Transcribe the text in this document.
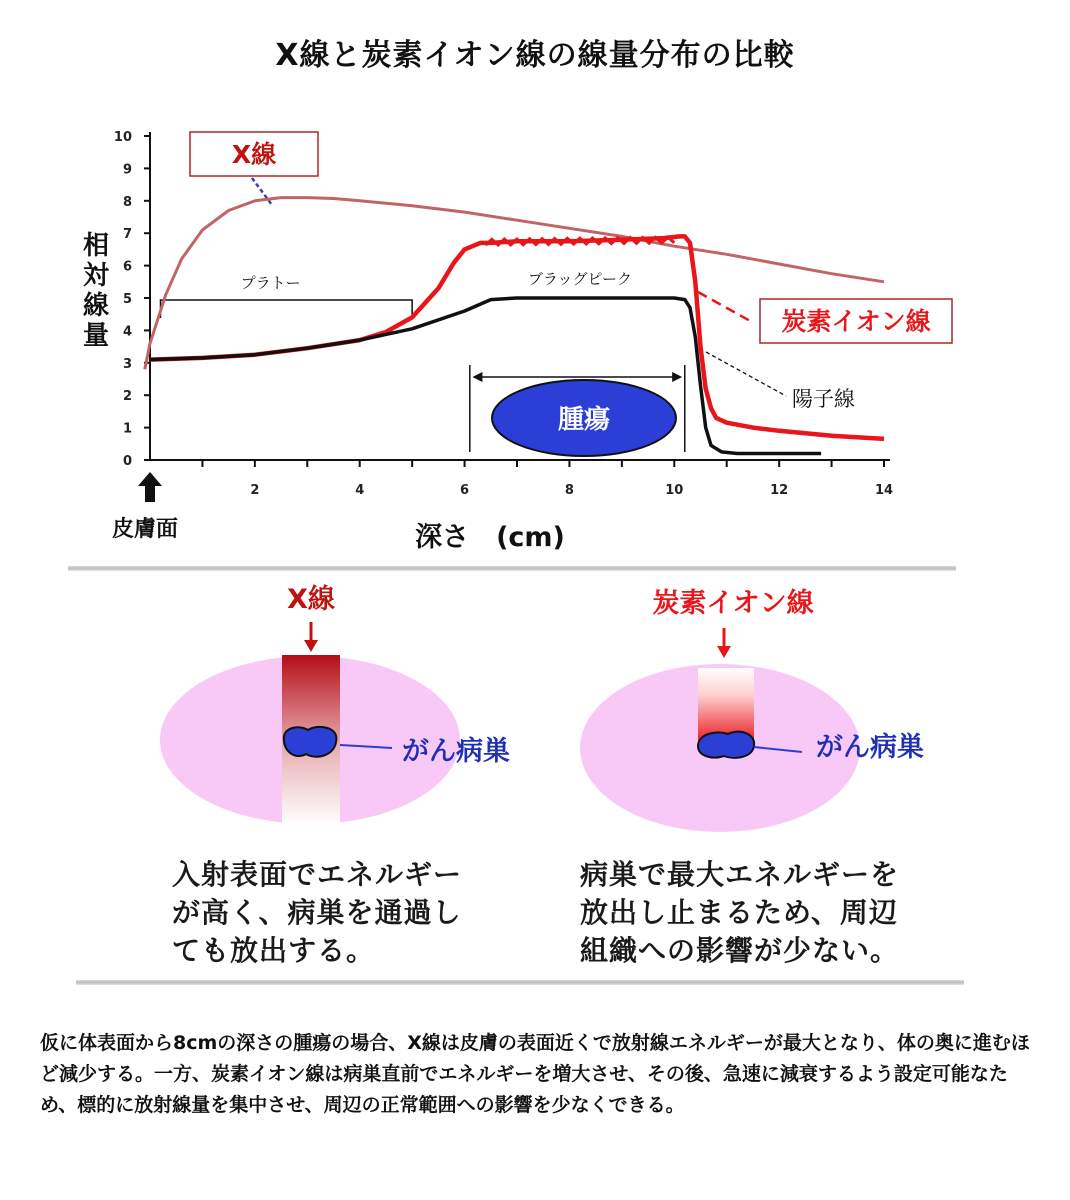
X線と炭素イオン線の線量分布の比較
0
1
2
3
4
5
6
7
8
9
10
2	4	6	8	10	12	14
相
対
線
量
深さ　(cm)
プラトー	ブラッグピーク
腫瘍
皮膚面
X線
炭素イオン線
陽子線
がん病巣
X線
がん病巣
炭素イオン線
入射表面でエネルギー
が高く、病巣を通過し
ても放出する。
病巣で最大エネルギーを
放出し止まるため、周辺
組織への影響が少ない。
仮に体表面から8cmの深さの腫瘍の場合、X線は皮膚の表面近くで放射線エネルギーが最大となり、体の奥に進むほど減少する。一方、炭素イオン線は病巣直前でエネルギーを増大させ、その後、急速に減衰するよう設定可能なため、標的に放射線量を集中させ、周辺の正常範囲への影響を少なくできる。
